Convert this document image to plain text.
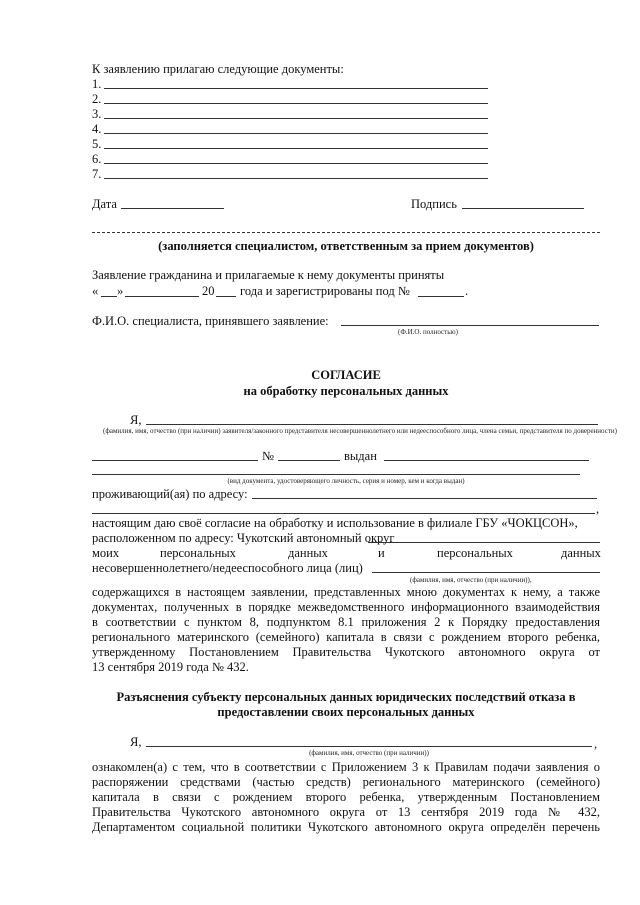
К заявлению прилагаю следующие документы:
1.
2.
3.
4.
5.
6.
7.
Дата	Подпись
(заполняется специалистом, ответственным за прием документов)
Заявление гражданина и прилагаемые к нему документы приняты
« »	20 года и зарегистрированы под №	.
Ф.И.О. специалиста, принявшего заявление:
(Ф.И.О. полностью)
СОГЛАСИЕ
на обработку персональных данных
Я,
(фамилия, имя, отчество (при наличии) заявителя/законного представителя несовершеннолетнего или недееспособного лица, члена семьи, представителя по доверенности)
№	выдан
(вид документа, удостоверяющего личность, серия и номер, кем и когда выдан)
проживающий(ая) по адресу:
,
настоящим даю своё согласие на обработку и использование в филиале ГБУ «ЧОКЦСОН»,
расположенном по адресу: Чукотский автономный округ
моих	персональных	данных	и	персональных	данных
несовершеннолетнего/недееспособного лица (лиц)
(фамилия, имя, отчество (при наличии)),
содержащихся в настоящем заявлении, представленных мною документах к нему, а также
документах, полученных в порядке межведомственного информационного взаимодействия
в соответствии с пунктом 8, подпунктом 8.1 приложения 2 к Порядку предоставления
регионального материнского (семейного) капитала в связи с рождением второго ребенка,
утвержденному Постановлением Правительства Чукотского автономного округа от
13 сентября 2019 года № 432.
Разъяснения субъекту персональных данных юридических последствий отказа в
предоставлении своих персональных данных
Я,	,
(фамилия, имя, отчество (при наличии))
ознакомлен(а) с тем, что в соответствии с Приложением 3 к Правилам подачи заявления о
распоряжении средствами (частью средств) регионального материнского (семейного)
капитала в связи с рождением второго ребенка, утвержденным Постановлением
Правительства Чукотского автономного округа от 13 сентября 2019 года № 432,
Департаментом социальной политики Чукотского автономного округа определён перечень
